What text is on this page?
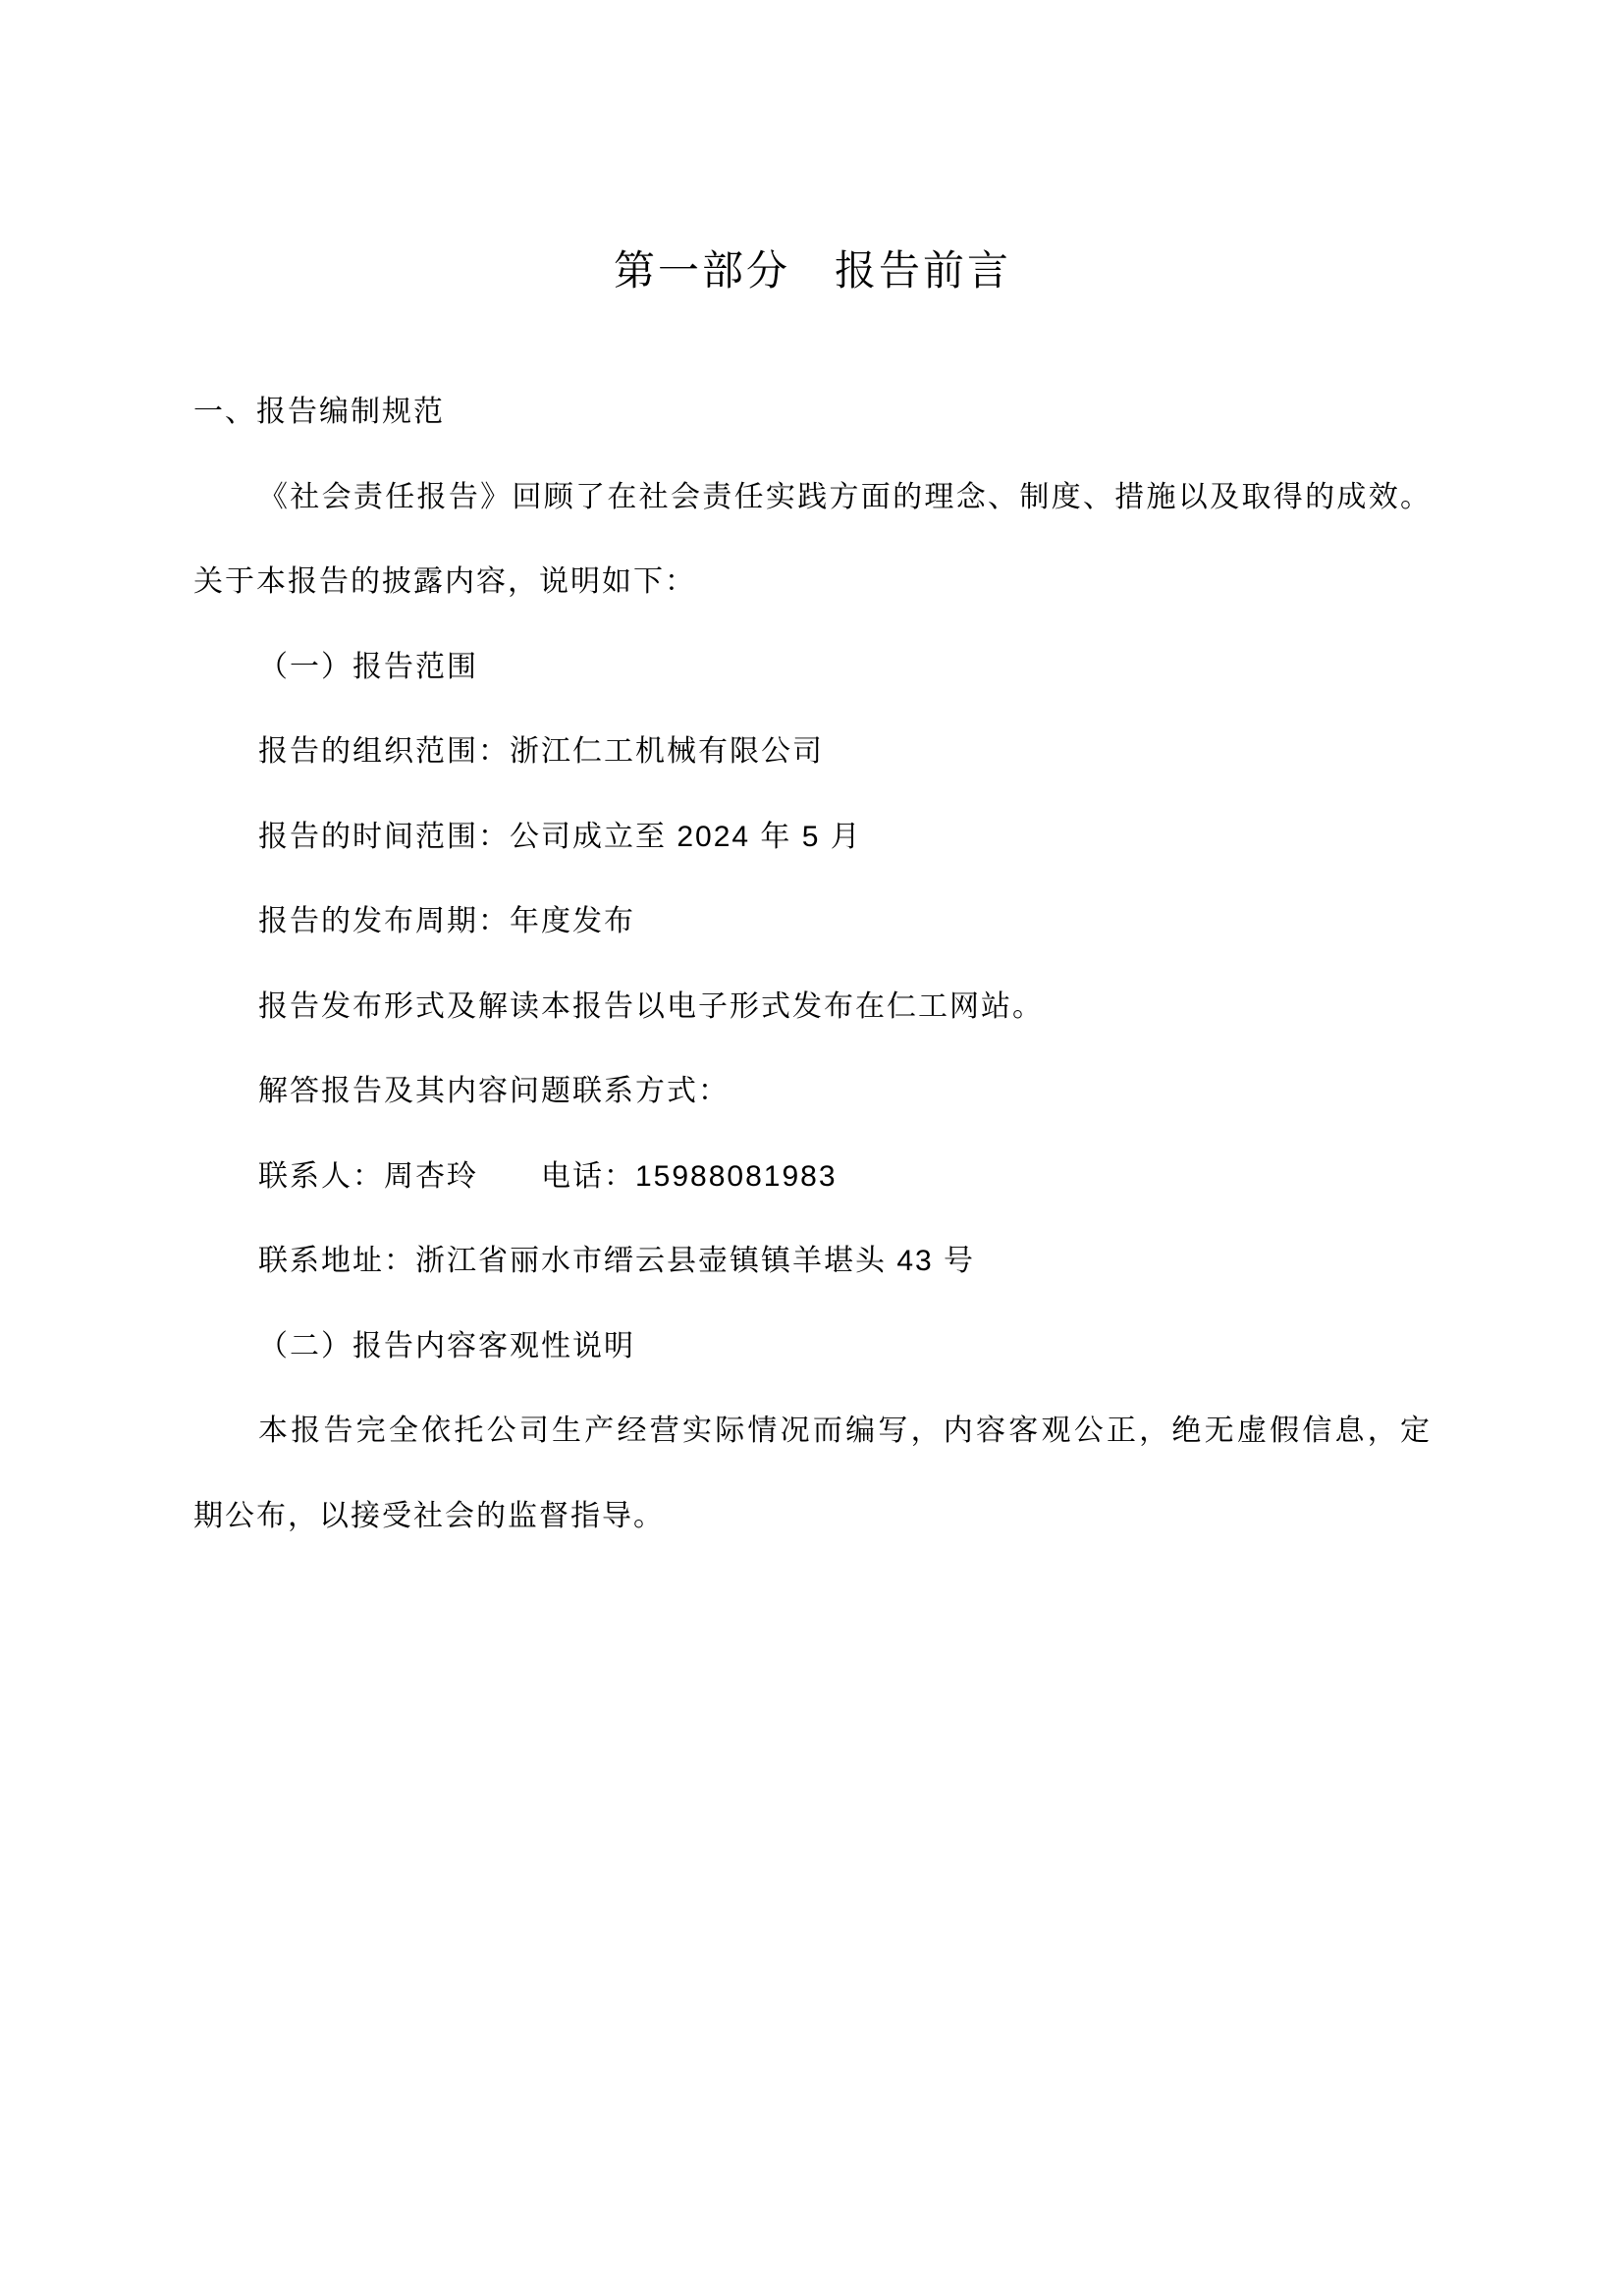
第一部分　报告前言
一、报告编制规范
《社会责任报告》回顾了在社会责任实践方面的理念、制度、措施以及取得的成效。
关于本报告的披露内容，说明如下：
（一）报告范围
报告的组织范围：浙江仁工机械有限公司
报告的时间范围：公司成立至 2024 年 5 月
报告的发布周期：年度发布
报告发布形式及解读本报告以电子形式发布在仁工网站。
解答报告及其内容问题联系方式：
联系人：周杏玲　　电话：15988081983
联系地址：浙江省丽水市缙云县壶镇镇羊堪头 43 号
（二）报告内容客观性说明
本报告完全依托公司生产经营实际情况而编写，内容客观公正，绝无虚假信息，定
期公布，以接受社会的监督指导。
